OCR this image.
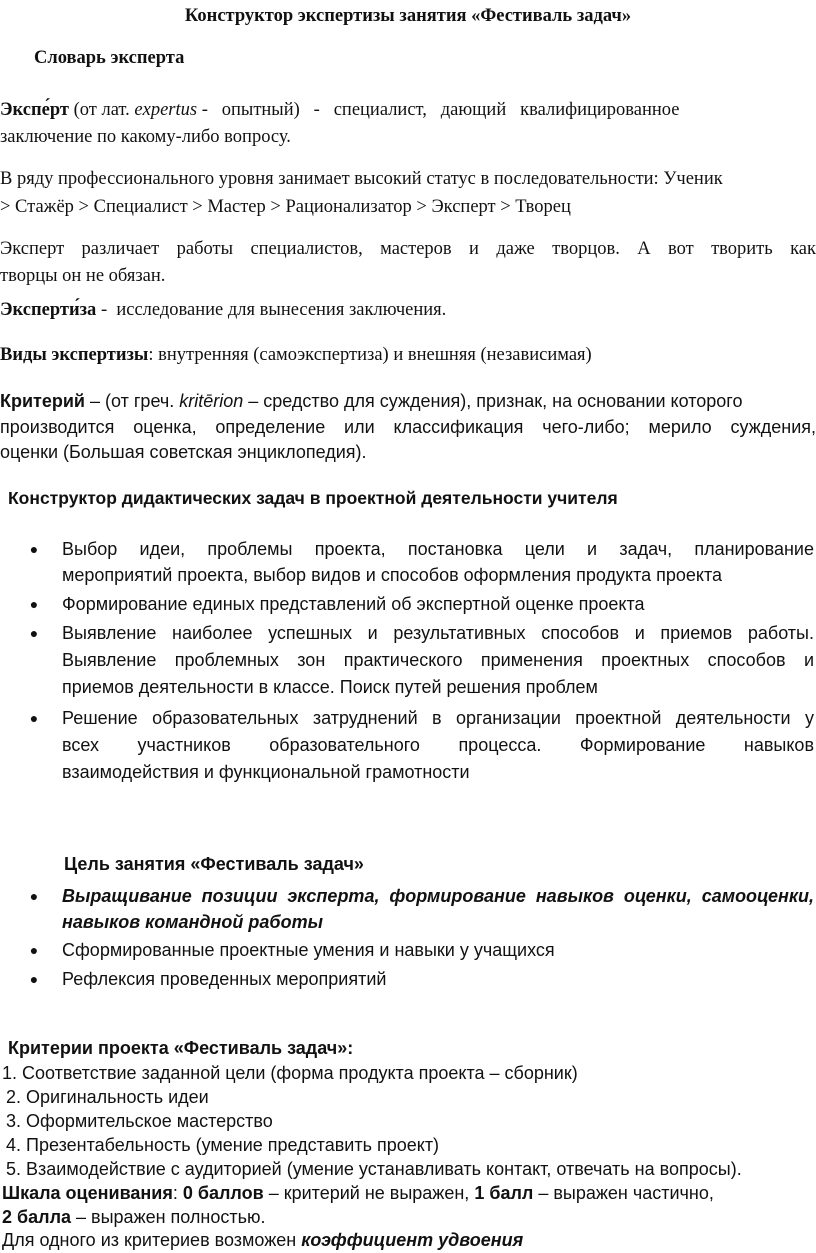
Конструктор экспертизы занятия «Фестиваль задач»
Словарь эксперта
Экспе́рт (от лат. expertus -   опытный)   -   специалист,   дающий   квалифицированное
заключение по какому-либо вопросу.
В ряду профессионального уровня занимает высокий статус в последовательности: Ученик
> Стажёр > Специалист > Мастер > Рационализатор > Эксперт > Творец
Эксперт различает работы специалистов, мастеров и даже творцов. А вот творить как
творцы он не обязан.
Эксперти́за -  исследование для вынесения заключения.
Виды экспертизы: внутренняя (самоэкспертиза) и внешняя (независимая)
Критерий – (от греч. kritērion – средство для суждения), признак, на основании которого
производится оценка, определение или классификация чего-либо; мерило суждения,
оценки (Большая советская энциклопедия).
Конструктор дидактических задач в проектной деятельности учителя
●	Выбор идеи, проблемы проекта, постановка цели и задач, планирование
мероприятий проекта, выбор видов и способов оформления продукта проекта
●	Формирование единых представлений об экспертной оценке проекта
●	Выявление наиболее успешных и результативных способов и приемов работы.
Выявление проблемных зон практического применения проектных способов и
приемов деятельности в классе. Поиск путей решения проблем
●	Решение образовательных затруднений в организации проектной деятельности у
всех участников образовательного процесса. Формирование навыков
взаимодействия и функциональной грамотности
Цель занятия «Фестиваль задач»
●	Выращивание позиции эксперта, формирование навыков оценки, самооценки,
навыков командной работы
●	Сформированные проектные умения и навыки у учащихся
●	Рефлексия проведенных мероприятий
Критерии проекта «Фестиваль задач»:
1. Соответствие заданной цели (форма продукта проекта – сборник)
2. Оригинальность идеи
3. Оформительское мастерство
4. Презентабельность (умение представить проект)
5. Взаимодействие с аудиторией (умение устанавливать контакт, отвечать на вопросы).
Шкала оценивания: 0 баллов – критерий не выражен, 1 балл – выражен частично,
2 балла – выражен полностью.
Для одного из критериев возможен коэффициент удвоения
